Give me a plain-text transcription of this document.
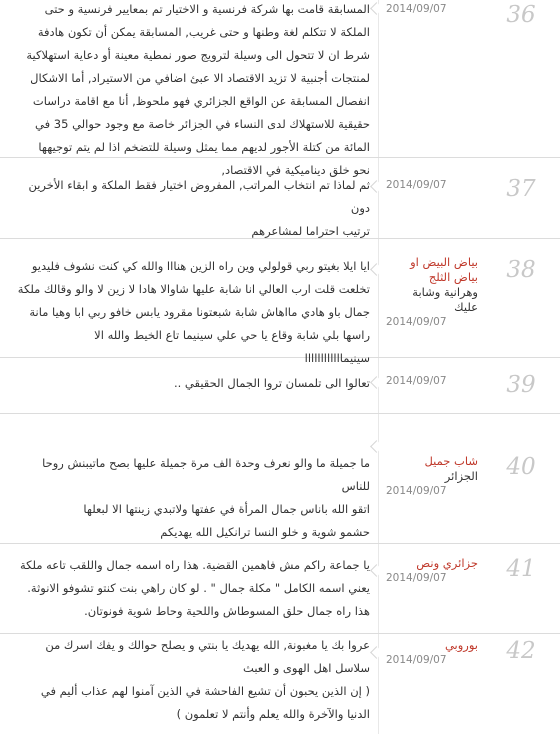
36
2014/09/07

المسابقة قامت بها شركة فرنسية و الاختيار تم بمعايير فرنسية و حتى

الملكة لا تتكلم لغة وطنها و حتى غريب, المسابقة يمكن أن تكون هادفة

شرط ان لا تتحول الى وسيلة لترويج صور نمطية معينة أو دعاية استهلاكية

لمنتجات أجنبية لا تزيد الاقتصاد الا عبئ اضافي من الاستيراد, أما الاشكال

انفصال المسابقة عن الواقع الجزائري فهو ملحوظ, أنا مع اقامة دراسات

حقيقية للاستهلاك لدى النساء في الجزائر خاصة مع وجود حوالي 35 في

المائة من كتلة الأجور لديهم مما يمثل وسيلة للتضخم اذا لم يتم توجيهها

نحو خلق ديناميكية في الاقتصاد,

37
2014/09/07

ثم لماذا تم انتخاب المراتب, المفروض اختيار فقط الملكة و ابقاء الأخرين دون

ترتيب احتراما لمشاعرهم

38
بياض البيض او بياض الثلج
وهرانية وشابة عليك
2014/09/07

ايا ايلا بغيتو ربي قولولي وين راه الزين هنااا والله كي كنت نشوف فليديو

تخلعت قلت ارب العالي انا شابة عليها شاوالا هادا لا زين لا والو وقالك ملكة

جمال باو هادي مااهاش شابة شبعتونا مقرود يابس خافو ربي ابا وهيا مانة

راسها بلي شابة وقاع يا حي علي سينيما تاع الخيط والله الا

سينيماااااااااااا

39
2014/09/07

تعالوا الى تلمسان تروا الجمال الحقيقي ..

40
شاب جميل
الجزائر
2014/09/07

ما جميلة ما والو نعرف وحدة الف مرة جميلة عليها بصح ماتيبنش روحا

للناس

اتقو الله باناس جمال المرأة في عفتها ولاتبدي زينتها الا لبعلها

حشمو شوية و خلو النسا ترانكيل الله يهديكم

41
جزائري ونص
2014/09/07

يا جماعة راكم مش فاهمين القضية. هذا راه اسمه جمال واللقب تاعه ملكة

يعني اسمه الكامل " مكلة جمال " . لو كان راهي بنت كنتو تشوفو الانوثة.

هذا راه جمال حلق المسوطاش واللحية وحاط شوية فونوتان.

42
بوروبي
2014/09/07

عروا بك يا مغبونة, الله يهديك يا بنتي و يصلح حوالك و يفك اسرك من

سلاسل اهل الهوى و العبث

( إن الذين يحبون أن تشيع الفاحشة في الذين آمنوا لهم عذاب أليم في

الدنيا والآخرة والله يعلم وأنتم لا تعلمون )
